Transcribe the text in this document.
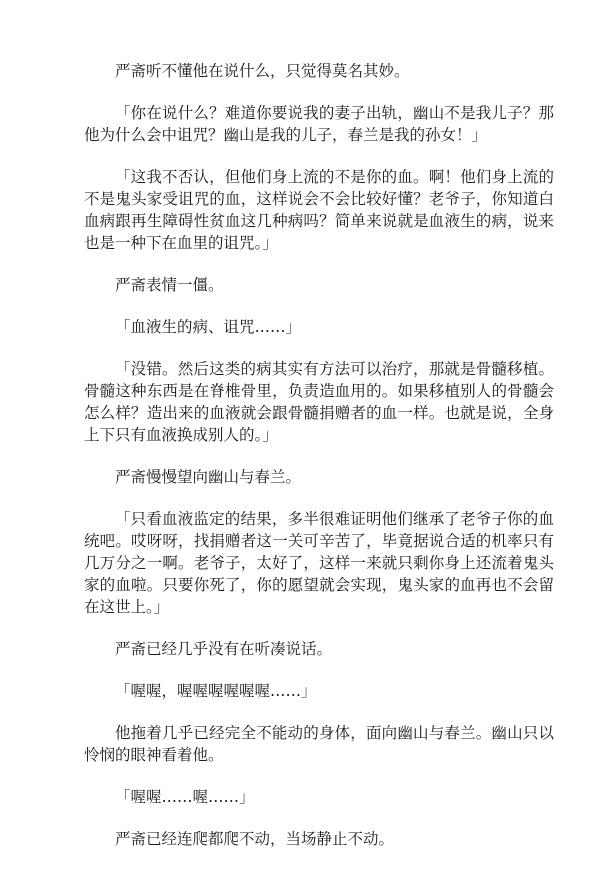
严斋听不懂他在说什么，只觉得莫名其妙。

「你在说什么？难道你要说我的妻子出轨，幽山不是我儿子？那他为什么会中诅咒？幽山是我的儿子，春兰是我的孙女！」

「这我不否认，但他们身上流的不是你的血。啊！他们身上流的不是鬼头家受诅咒的血，这样说会不会比较好懂？老爷子，你知道白血病跟再生障碍性贫血这几种病吗？简单来说就是血液生的病，说来也是一种下在血里的诅咒。」

严斋表情一僵。

「血液生的病、诅咒……」

「没错。然后这类的病其实有方法可以治疗，那就是骨髓移植。骨髓这种东西是在脊椎骨里，负责造血用的。如果移植别人的骨髓会怎么样？造出来的血液就会跟骨髓捐赠者的血一样。也就是说，全身上下只有血液换成别人的。」

严斋慢慢望向幽山与春兰。

「只看血液监定的结果，多半很难证明他们继承了老爷子你的血统吧。哎呀呀，找捐赠者这一关可辛苦了，毕竟据说合适的机率只有几万分之一啊。老爷子，太好了，这样一来就只剩你身上还流着鬼头家的血啦。只要你死了，你的愿望就会实现，鬼头家的血再也不会留在这世上。」

严斋已经几乎没有在听凑说话。

「喔喔，喔喔喔喔喔喔……」

他拖着几乎已经完全不能动的身体，面向幽山与春兰。幽山只以怜悯的眼神看着他。

「喔喔……喔……」

严斋已经连爬都爬不动，当场静止不动。
